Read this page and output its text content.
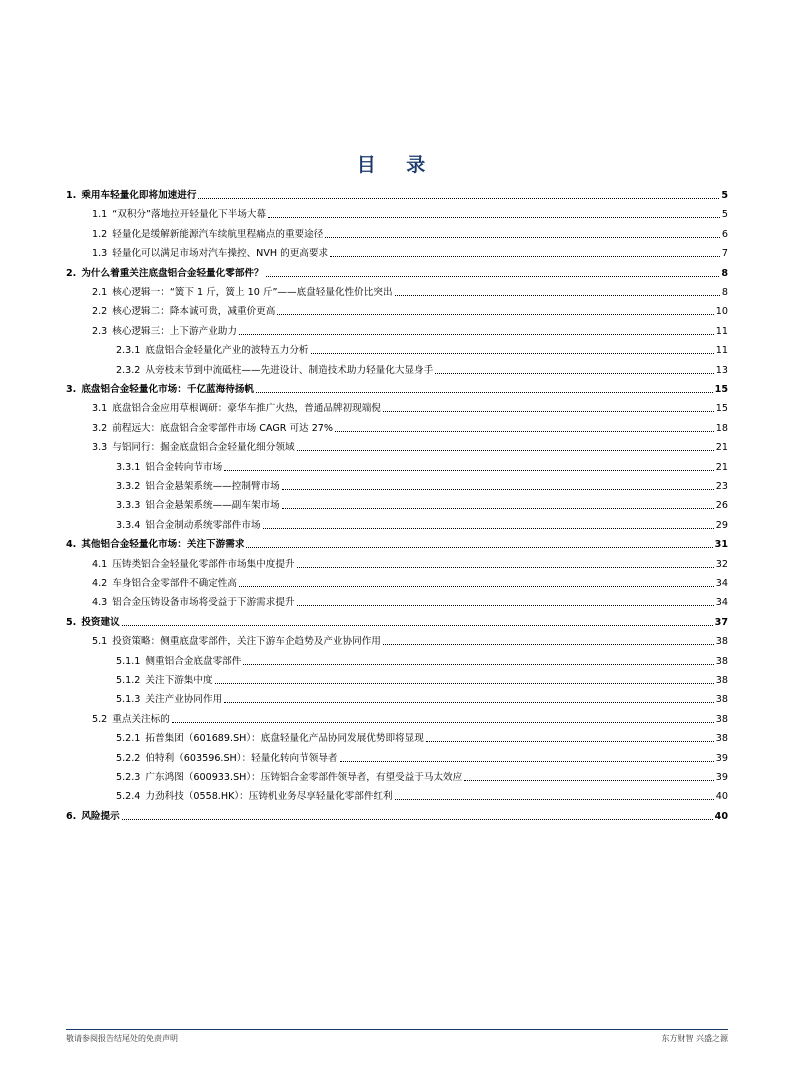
目 录
1. 乘用车轻量化即将加速进行	5
1.1 “双积分”落地拉开轻量化下半场大幕	5
1.2 轻量化是缓解新能源汽车续航里程痛点的重要途径	6
1.3 轻量化可以满足市场对汽车操控、NVH 的更高要求	7
2. 为什么着重关注底盘铝合金轻量化零部件？	8
2.1 核心逻辑一：“簧下 1 斤，簧上 10 斤”——底盘轻量化性价比突出	8
2.2 核心逻辑二：降本诚可贵，减重价更高	10
2.3 核心逻辑三：上下游产业助力	11
2.3.1 底盘铝合金轻量化产业的波特五力分析	11
2.3.2 从旁枝末节到中流砥柱——先进设计、制造技术助力轻量化大显身手	13
3. 底盘铝合金轻量化市场：千亿蓝海待扬帆	15
3.1 底盘铝合金应用草根调研：豪华车推广火热，普通品牌初现端倪	15
3.2 前程远大：底盘铝合金零部件市场 CAGR 可达 27%	18
3.3 与铝同行：掘金底盘铝合金轻量化细分领域	21
3.3.1 铝合金转向节市场	21
3.3.2 铝合金悬架系统——控制臂市场	23
3.3.3 铝合金悬架系统——副车架市场	26
3.3.4 铝合金制动系统零部件市场	29
4. 其他铝合金轻量化市场：关注下游需求	31
4.1 压铸类铝合金轻量化零部件市场集中度提升	32
4.2 车身铝合金零部件不确定性高	34
4.3 铝合金压铸设备市场将受益于下游需求提升	34
5. 投资建议	37
5.1 投资策略：侧重底盘零部件，关注下游车企趋势及产业协同作用	38
5.1.1 侧重铝合金底盘零部件	38
5.1.2 关注下游集中度	38
5.1.3 关注产业协同作用	38
5.2 重点关注标的	38
5.2.1 拓普集团（601689.SH）：底盘轻量化产品协同发展优势即将显现	38
5.2.2 伯特利（603596.SH）：轻量化转向节领导者	39
5.2.3 广东鸿图（600933.SH）：压铸铝合金零部件领导者，有望受益于马太效应	39
5.2.4 力劲科技（0558.HK）：压铸机业务尽享轻量化零部件红利	40
6. 风险提示	40
敬请参阅报告结尾处的免责声明	东方财智 兴盛之源
